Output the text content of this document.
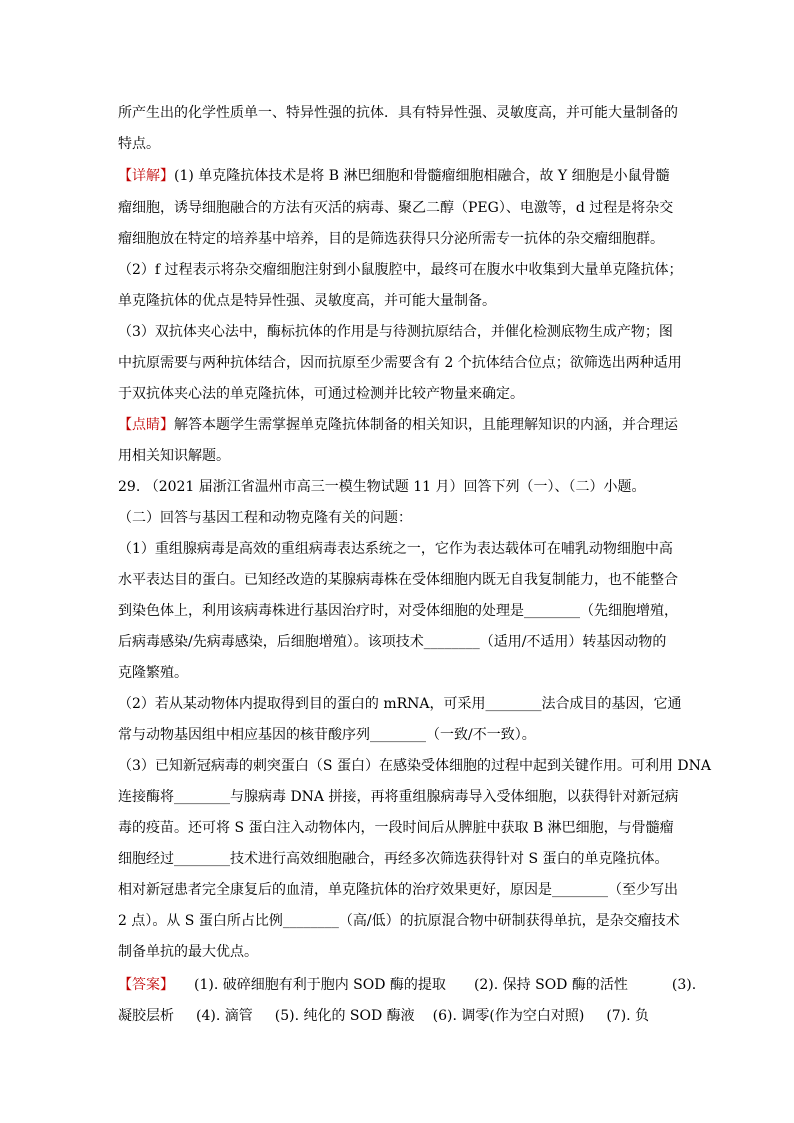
所产生出的化学性质单一、特异性强的抗体．具有特异性强、灵敏度高，并可能大量制备的
特点。
【详解】(1) 单克隆抗体技术是将 B 淋巴细胞和骨髓瘤细胞相融合，故 Y 细胞是小鼠骨髓
瘤细胞，诱导细胞融合的方法有灭活的病毒、聚乙二醇（PEG）、电激等，d 过程是将杂交
瘤细胞放在特定的培养基中培养，目的是筛选获得只分泌所需专一抗体的杂交瘤细胞群。
（2）f 过程表示将杂交瘤细胞注射到小鼠腹腔中，最终可在腹水中收集到大量单克隆抗体；
单克隆抗体的优点是特异性强、灵敏度高，并可能大量制备。
（3）双抗体夹心法中，酶标抗体的作用是与待测抗原结合，并催化检测底物生成产物；图
中抗原需要与两种抗体结合，因而抗原至少需要含有 2 个抗体结合位点；欲筛选出两种适用
于双抗体夹心法的单克隆抗体，可通过检测并比较产物量来确定。
【点睛】解答本题学生需掌握单克隆抗体制备的相关知识，且能理解知识的内涵，并合理运
用相关知识解题。
29. （2021 届浙江省温州市高三一模生物试题 11 月）回答下列（一）、（二）小题。
（二）回答与基因工程和动物克隆有关的问题：
（1）重组腺病毒是高效的重组病毒表达系统之一，它作为表达载体可在哺乳动物细胞中高
水平表达目的蛋白。已知经改造的某腺病毒株在受体细胞内既无自我复制能力，也不能整合
到染色体上，利用该病毒株进行基因治疗时，对受体细胞的处理是________（先细胞增殖，
后病毒感染/先病毒感染，后细胞增殖）。该项技术________（适用/不适用）转基因动物的
克隆繁殖。
（2）若从某动物体内提取得到目的蛋白的 mRNA，可采用________法合成目的基因，它通
常与动物基因组中相应基因的核苷酸序列________（一致/不一致）。
（3）已知新冠病毒的刺突蛋白（S 蛋白）在感染受体细胞的过程中起到关键作用。可利用 DNA
连接酶将________与腺病毒 DNA 拼接，再将重组腺病毒导入受体细胞，以获得针对新冠病
毒的疫苗。还可将 S 蛋白注入动物体内，一段时间后从脾脏中获取 B 淋巴细胞，与骨髓瘤
细胞经过________技术进行高效细胞融合，再经多次筛选获得针对 S 蛋白的单克隆抗体。
相对新冠患者完全康复后的血清，单克隆抗体的治疗效果更好，原因是________（至少写出
2 点）。从 S 蛋白所占比例________（高/低）的抗原混合物中研制获得单抗，是杂交瘤技术
制备单抗的最大优点。
【答案】 (1). 破碎细胞有利于胞内 SOD 酶的提取 (2). 保持 SOD 酶的活性	(3).
凝胶层析 (4). 滴管 (5). 纯化的 SOD 酶液 (6). 调零(作为空白对照) (7). 负
